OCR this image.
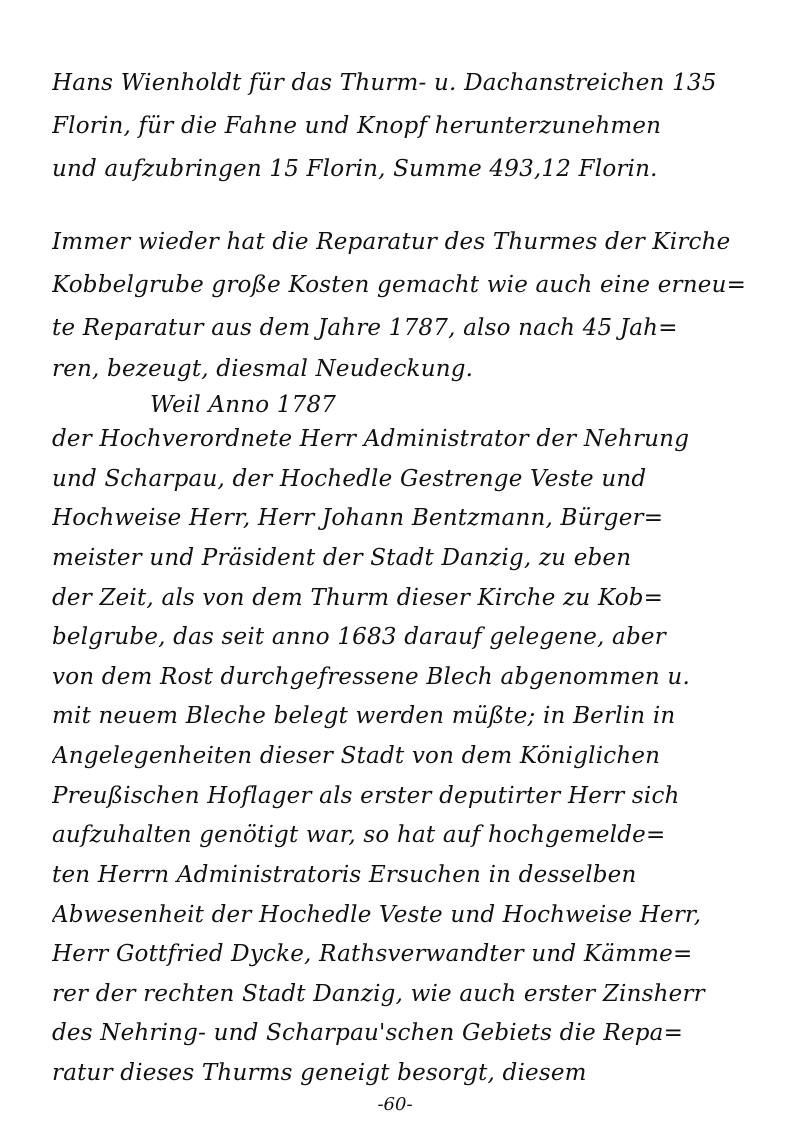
Hans Wienholdt für das Thurm- u. Dachanstreichen 135
Florin, für die Fahne und Knopf herunterzunehmen
und aufzubringen 15 Florin, Summe 493,12 Florin.
Immer wieder hat die Reparatur des Thurmes der Kirche
Kobbelgrube große Kosten gemacht wie auch eine erneu=
te Reparatur aus dem Jahre 1787, also nach 45 Jah=
ren, bezeugt, diesmal Neudeckung.
Weil Anno 1787
der Hochverordnete Herr Administrator der Nehrung
und Scharpau, der Hochedle Gestrenge Veste und
Hochweise Herr, Herr Johann Bentzmann, Bürger=
meister und Präsident der Stadt Danzig, zu eben
der Zeit, als von dem Thurm dieser Kirche zu Kob=
belgrube, das seit anno 1683 darauf gelegene, aber
von dem Rost durchgefressene Blech abgenommen u.
mit neuem Bleche belegt werden müßte; in Berlin in
Angelegenheiten dieser Stadt von dem Königlichen
Preußischen Hoflager als erster deputirter Herr sich
aufzuhalten genötigt war, so hat auf hochgemelde=
ten Herrn Administratoris Ersuchen in desselben
Abwesenheit der Hochedle Veste und Hochweise Herr,
Herr Gottfried Dycke, Rathsverwandter und Kämme=
rer der rechten Stadt Danzig, wie auch erster Zinsherr
des Nehring- und Scharpau'schen Gebiets die Repa=
ratur dieses Thurms geneigt besorgt, diesem
-60-
